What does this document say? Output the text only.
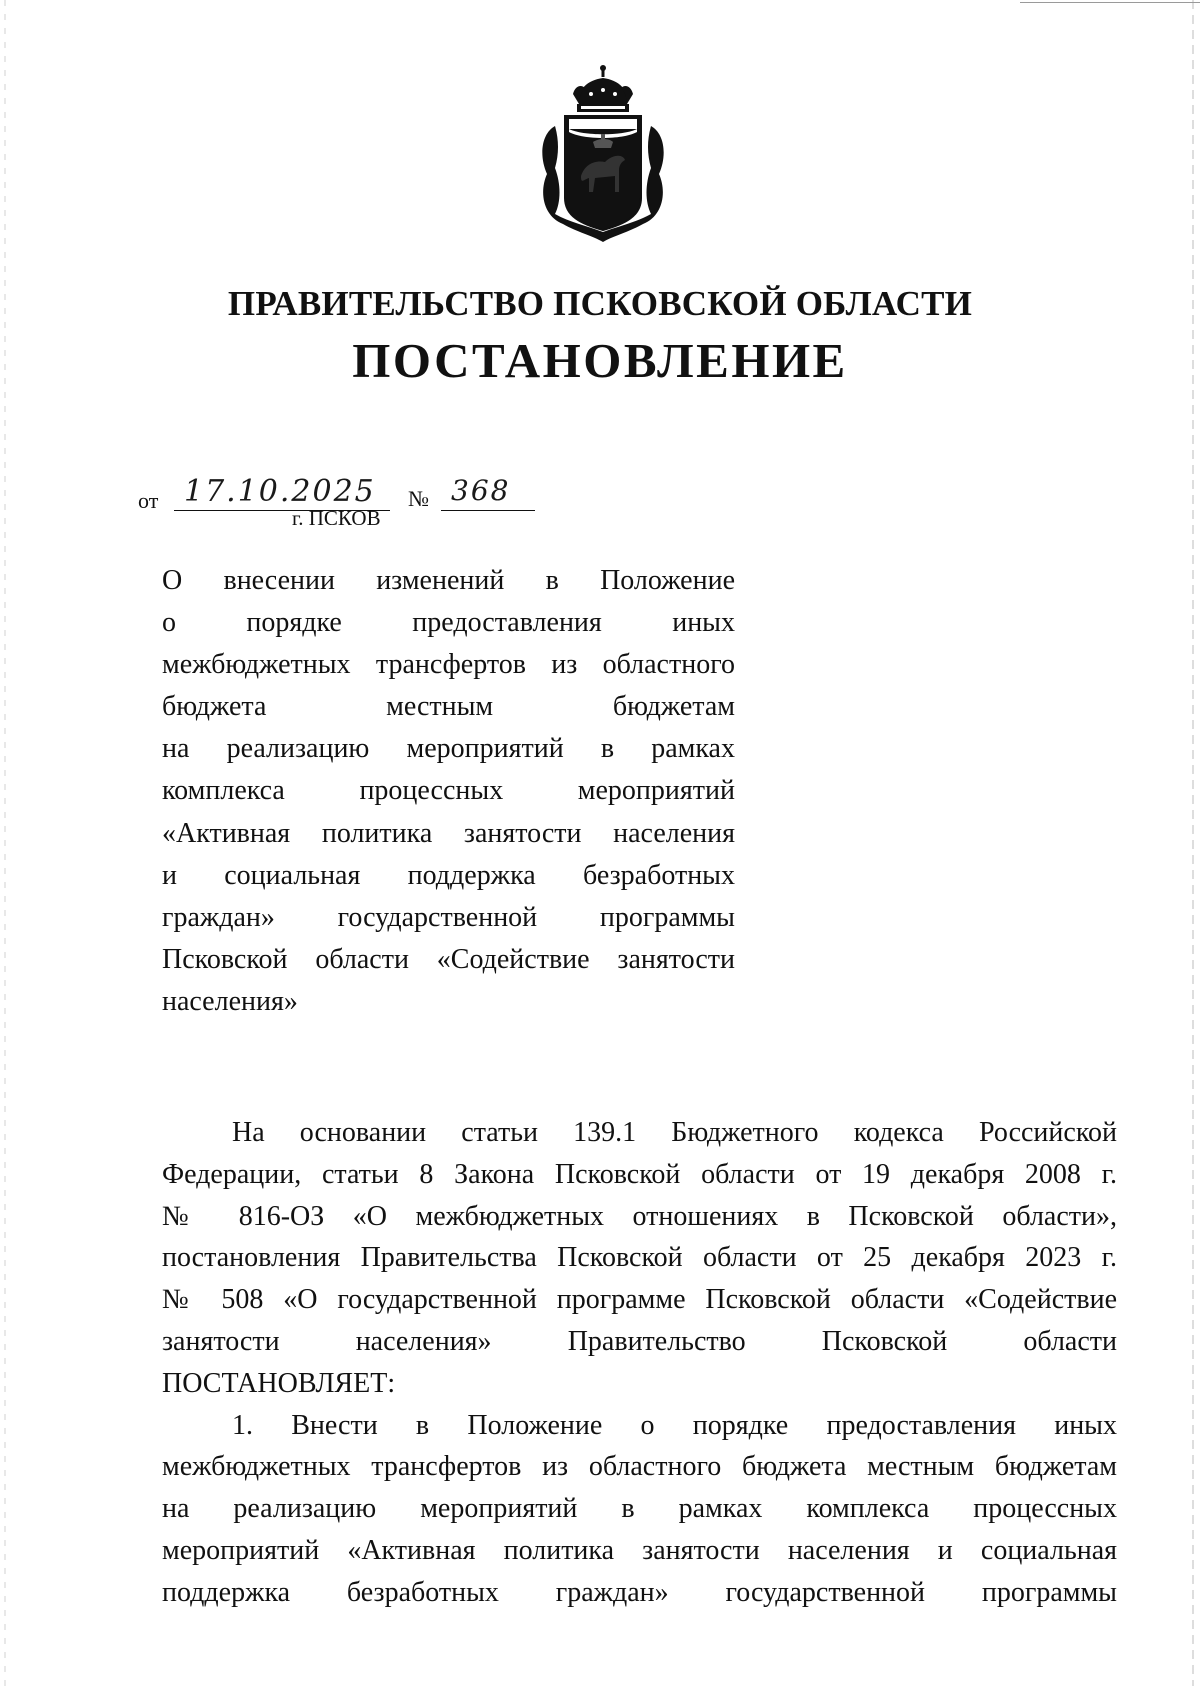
ПРАВИТЕЛЬСТВО ПСКОВСКОЙ ОБЛАСТИ
ПОСТАНОВЛЕНИЕ
от 17.10.2025 № 368
г. ПСКОВ
О внесении изменений в Положение
о порядке предоставления иных
межбюджетных трансфертов из областного
бюджета местным бюджетам
на реализацию мероприятий в рамках
комплекса процессных мероприятий
«Активная политика занятости населения
и социальная поддержка безработных
граждан» государственной программы
Псковской области «Содействие занятости
населения»
На основании статьи 139.1 Бюджетного кодекса Российской
Федерации, статьи 8 Закона Псковской области от 19 декабря 2008 г.
№ 816-ОЗ «О межбюджетных отношениях в Псковской области»,
постановления Правительства Псковской области от 25 декабря 2023 г.
№ 508 «О государственной программе Псковской области «Содействие
занятости населения» Правительство Псковской области
ПОСТАНОВЛЯЕТ:
1. Внести в Положение о порядке предоставления иных
межбюджетных трансфертов из областного бюджета местным бюджетам
на реализацию мероприятий в рамках комплекса процессных
мероприятий «Активная политика занятости населения и социальная
поддержка безработных граждан» государственной программы
